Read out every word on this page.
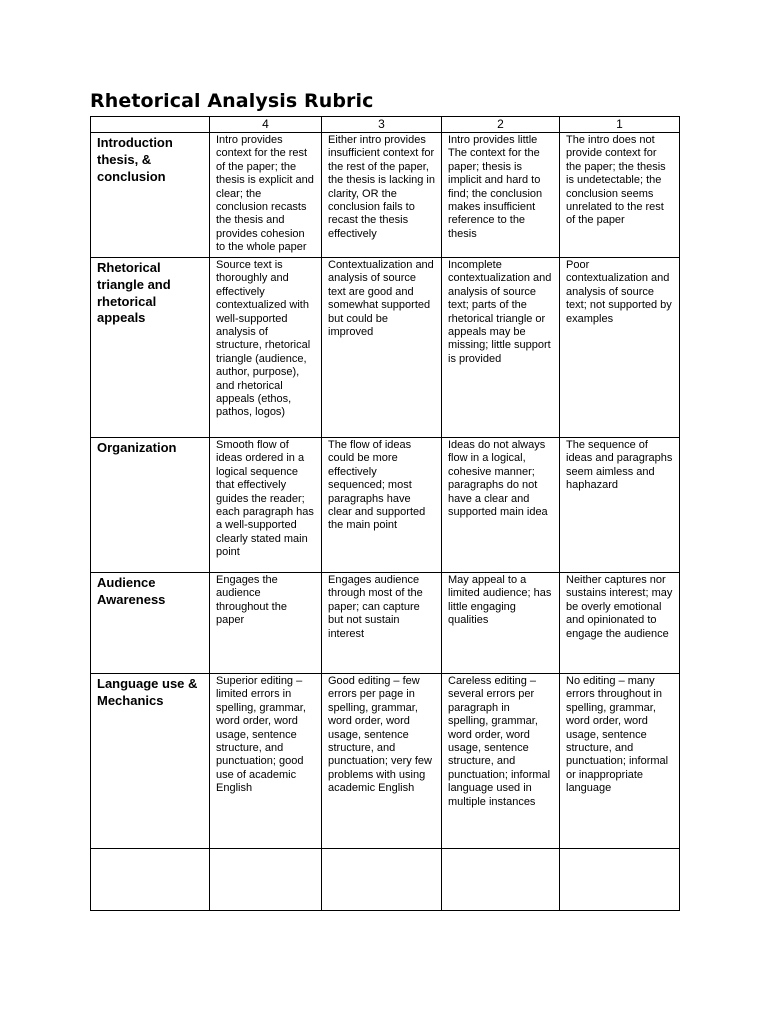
Rhetorical Analysis Rubric
	4	3	2	1
Introduction thesis, & conclusion	Intro provides context for the rest of the paper; the thesis is explicit and clear; the conclusion recasts the thesis and provides cohesion to the whole paper	Either intro provides insufficient context for the rest of the paper, the thesis is lacking in clarity, OR the conclusion fails to recast the thesis effectively	Intro provides little The context for the paper; thesis is implicit and hard to find; the conclusion makes insufficient reference to the thesis	The intro does not provide context for the paper; the thesis is undetectable; the conclusion seems unrelated to the rest of the paper
Rhetorical triangle and rhetorical appeals	Source text is thoroughly and effectively contextualized with well-supported analysis of structure, rhetorical triangle (audience, author, purpose), and rhetorical appeals (ethos, pathos, logos)	Contextualization and analysis of source text are good and somewhat supported but could be improved	Incomplete contextualization and analysis of source text; parts of the rhetorical triangle or appeals may be missing; little support is provided	Poor contextualization and analysis of source text; not supported by examples
Organization	Smooth flow of ideas ordered in a logical sequence that effectively guides the reader; each paragraph has a well-supported clearly stated main point	The flow of ideas could be more effectively sequenced; most paragraphs have clear and supported the main point	Ideas do not always flow in a logical, cohesive manner; paragraphs do not have a clear and supported main idea	The sequence of ideas and paragraphs seem aimless and haphazard
Audience Awareness	Engages the audience throughout the paper	Engages audience through most of the paper; can capture but not sustain interest	May appeal to a limited audience; has little engaging qualities	Neither captures nor sustains interest; may be overly emotional and opinionated to engage the audience
Language use & Mechanics	Superior editing – limited errors in spelling, grammar, word order, word usage, sentence structure, and punctuation; good use of academic English	Good editing – few errors per page in spelling, grammar, word order, word usage, sentence structure, and punctuation; very few problems with using academic English	Careless editing – several errors per paragraph in spelling, grammar, word order, word usage, sentence structure, and punctuation; informal language used in multiple instances	No editing – many errors throughout in spelling, grammar, word order, word usage, sentence structure, and punctuation; informal or inappropriate language
